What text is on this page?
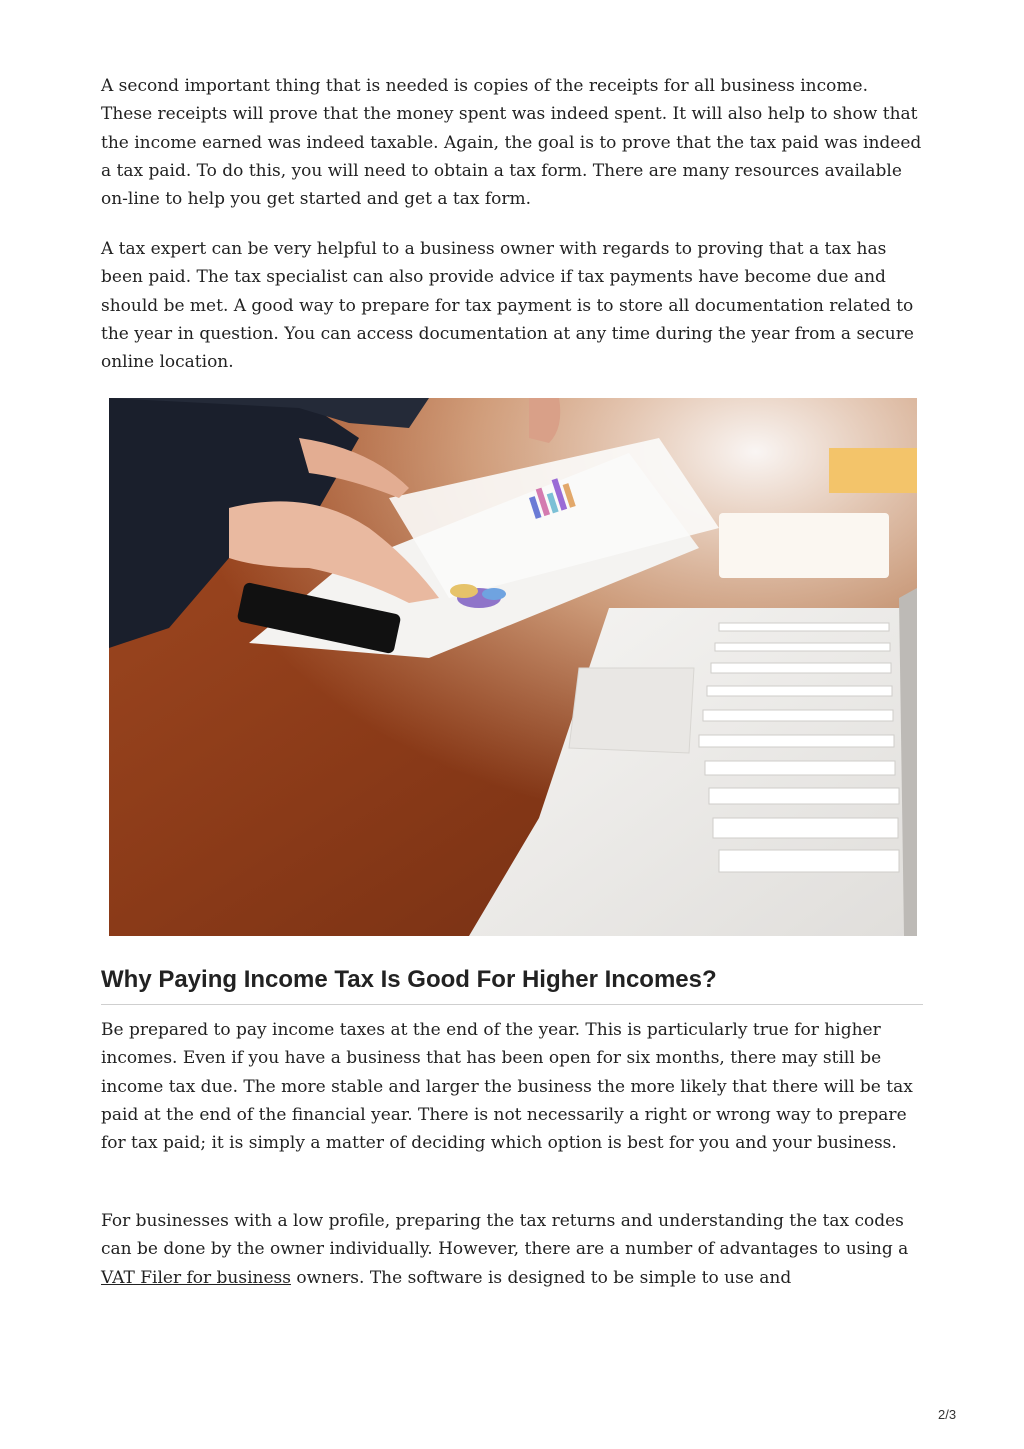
A second important thing that is needed is copies of the receipts for all business income. These receipts will prove that the money spent was indeed spent. It will also help to show that the income earned was indeed taxable. Again, the goal is to prove that the tax paid was indeed a tax paid. To do this, you will need to obtain a tax form. There are many resources available on-line to help you get started and get a tax form.

A tax expert can be very helpful to a business owner with regards to proving that a tax has been paid. The tax specialist can also provide advice if tax payments have become due and should be met. A good way to prepare for tax payment is to store all documentation related to the year in question. You can access documentation at any time during the year from a secure online location.

Why Paying Income Tax Is Good For Higher Incomes?

Be prepared to pay income taxes at the end of the year. This is particularly true for higher incomes. Even if you have a business that has been open for six months, there may still be income tax due. The more stable and larger the business the more likely that there will be tax paid at the end of the financial year. There is not necessarily a right or wrong way to prepare for tax paid; it is simply a matter of deciding which option is best for you and your business.

For businesses with a low profile, preparing the tax returns and understanding the tax codes can be done by the owner individually. However, there are a number of advantages to using a VAT Filer for business owners. The software is designed to be simple to use and

2/3
